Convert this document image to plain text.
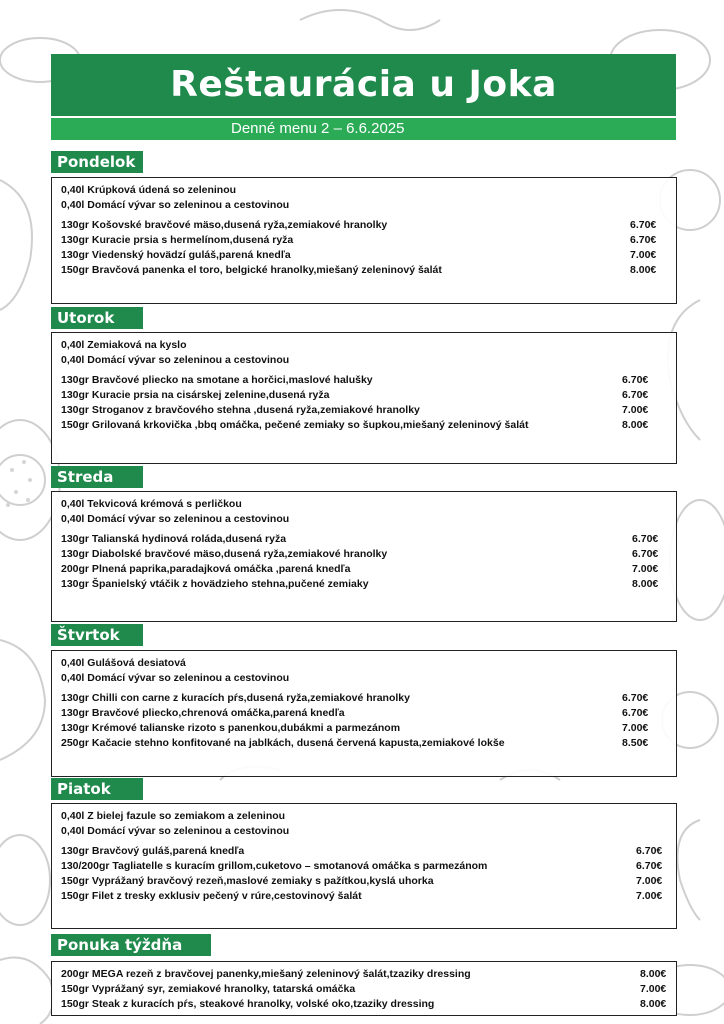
Reštaurácia u Joka
Denné menu 2 – 6.6.2025
Pondelok
0,40l Krúpková údená so zeleninou
0,40l Domácí vývar so zeleninou a cestovinou
130gr Košovské bravčové mäso,dusená ryža,zemiakové hranolky	6.70€
130gr Kuracie prsia s hermelínom,dusená ryža	6.70€
130gr Viedenský hovädzí guláš,parená knedľa	7.00€
150gr Bravčová panenka el toro, belgické hranolky,miešaný zeleninový šalát	8.00€
Utorok
0,40l Zemiaková na kyslo
0,40l Domácí vývar so zeleninou a cestovinou
130gr Bravčové pliecko na smotane a horčici,maslové halušky	6.70€
130gr Kuracie prsia na cisárskej zelenine,dusená ryža	6.70€
130gr Stroganov z bravčového stehna ,dusená ryža,zemiakové hranolky	7.00€
150gr Grilovaná krkovička ,bbq omáčka, pečené zemiaky so šupkou,miešaný zeleninový šalát	8.00€
Streda
0,40l Tekvicová krémová s perličkou
0,40l Domácí vývar so zeleninou a cestovinou
130gr Talianská hydinová roláda,dusená ryža	6.70€
130gr Diabolské bravčové mäso,dusená ryža,zemiakové hranolky	6.70€
200gr Plnená paprika,paradajková omáčka ,parená knedľa	7.00€
130gr Španielský vtáčik z hovädzieho stehna,pučené zemiaky	8.00€
Štvrtok
0,40l Gulášová desiatová
0,40l Domácí vývar so zeleninou a cestovinou
130gr Chilli con carne z kuracích pŕs,dusená ryža,zemiakové hranolky	6.70€
130gr Bravčové pliecko,chrenová omáčka,parená knedľa	6.70€
130gr Krémové talianske rizoto s panenkou,dubákmi a parmezánom	7.00€
250gr Kačacie stehno konfitované na jablkách, dusená červená kapusta,zemiakové lokše	8.50€
Piatok
0,40l Z bielej fazule so zemiakom a zeleninou
0,40l Domácí vývar so zeleninou a cestovinou
130gr Bravčový guláš,parená knedľa	6.70€
130/200gr Tagliatelle s kuracím grillom,cuketovo – smotanová omáčka s parmezánom	6.70€
150gr Vyprážaný bravčový rezeň,maslové zemiaky s pažítkou,kyslá uhorka	7.00€
150gr Filet z tresky exklusiv pečený v rúre,cestovinový šalát	7.00€
Ponuka týždňa
200gr MEGA rezeň z bravčovej panenky,miešaný zeleninový šalát,tzaziky dressing	8.00€
150gr Vyprážaný syr, zemiakové hranolky, tatarská omáčka	7.00€
150gr Steak z kuracích pŕs, steakové hranolky, volské oko,tzaziky dressing	8.00€
